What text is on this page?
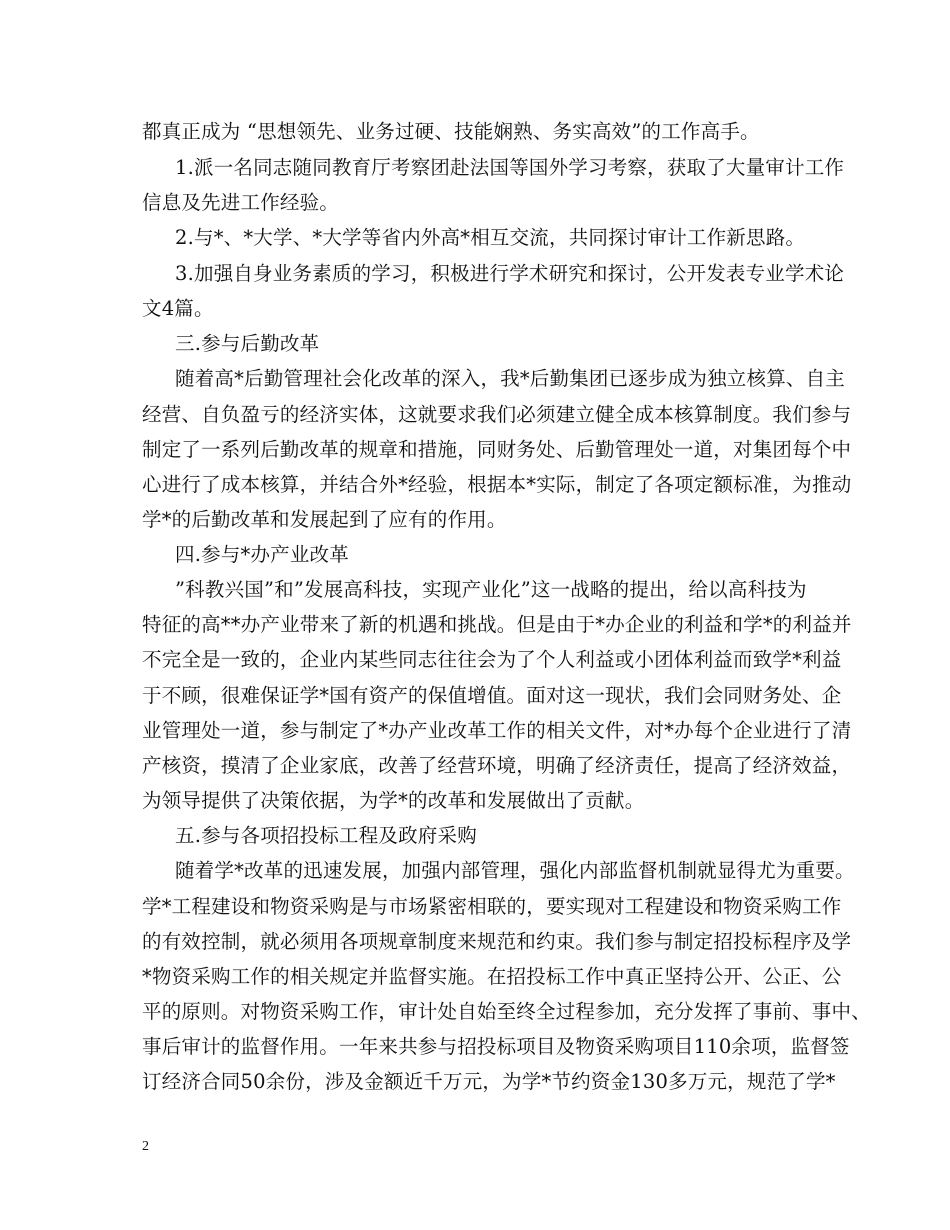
都真正成为 “思想领先、业务过硬、技能娴熟、务实高效”的工作高手。
1.派一名同志随同教育厅考察团赴法国等国外学习考察，获取了大量审计工作
信息及先进工作经验。
2.与*、*大学、*大学等省内外高*相互交流，共同探讨审计工作新思路。
3.加强自身业务素质的学习，积极进行学术研究和探讨，公开发表专业学术论
文4篇。
三.参与后勤改革
随着高*后勤管理社会化改革的深入，我*后勤集团已逐步成为独立核算、自主
经营、自负盈亏的经济实体，这就要求我们必须建立健全成本核算制度。我们参与
制定了一系列后勤改革的规章和措施，同财务处、后勤管理处一道，对集团每个中
心进行了成本核算，并结合外*经验，根据本*实际，制定了各项定额标准，为推动
学*的后勤改革和发展起到了应有的作用。
四.参与*办产业改革
”科教兴国”和”发展高科技，实现产业化”这一战略的提出，给以高科技为
特征的高**办产业带来了新的机遇和挑战。但是由于*办企业的利益和学*的利益并
不完全是一致的，企业内某些同志往往会为了个人利益或小团体利益而致学*利益
于不顾，很难保证学*国有资产的保值增值。面对这一现状，我们会同财务处、企
业管理处一道，参与制定了*办产业改革工作的相关文件，对*办每个企业进行了清
产核资，摸清了企业家底，改善了经营环境，明确了经济责任，提高了经济效益，
为领导提供了决策依据，为学*的改革和发展做出了贡献。
五.参与各项招投标工程及政府采购
随着学*改革的迅速发展，加强内部管理，强化内部监督机制就显得尤为重要。
学*工程建设和物资采购是与市场紧密相联的，要实现对工程建设和物资采购工作
的有效控制，就必须用各项规章制度来规范和约束。我们参与制定招投标程序及学
*物资采购工作的相关规定并监督实施。在招投标工作中真正坚持公开、公正、公
平的原则。对物资采购工作，审计处自始至终全过程参加，充分发挥了事前、事中、
事后审计的监督作用。一年来共参与招投标项目及物资采购项目110余项，监督签
订经济合同50余份，涉及金额近千万元，为学*节约资金130多万元，规范了学*
2
